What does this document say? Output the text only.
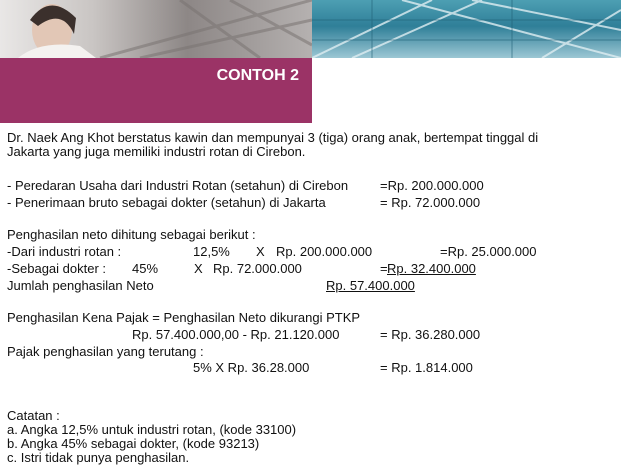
CONTOH 2
Dr. Naek Ang Khot berstatus kawin dan mempunyai 3 (tiga) orang anak, bertempat tinggal di
Jakarta yang juga memiliki industri rotan di Cirebon.
- Peredaran Usaha dari Industri Rotan (setahun) di Cirebon =Rp. 200.000.000
- Penerimaan bruto sebagai dokter (setahun) di Jakarta	= Rp. 72.000.000
Penghasilan neto dihitung sebagai berikut :
-Dari industri rotan :	12,5% X Rp. 200.000.000	=Rp. 25.000.000
-Sebagai dokter : 45%	X Rp. 72.000.000	= Rp. 32.400.000
Jumlah penghasilan Neto	Rp. 57.400.000
Penghasilan Kena Pajak = Penghasilan Neto dikurangi PTKP
Rp. 57.400.000,00 - Rp. 21.120.000	= Rp. 36.280.000
Pajak penghasilan yang terutang :
5% X Rp. 36.28.000	= Rp. 1.814.000
Catatan :
a. Angka 12,5% untuk industri rotan, (kode 33100)
b. Angka 45% sebagai dokter, (kode 93213)
c. Istri tidak punya penghasilan.
